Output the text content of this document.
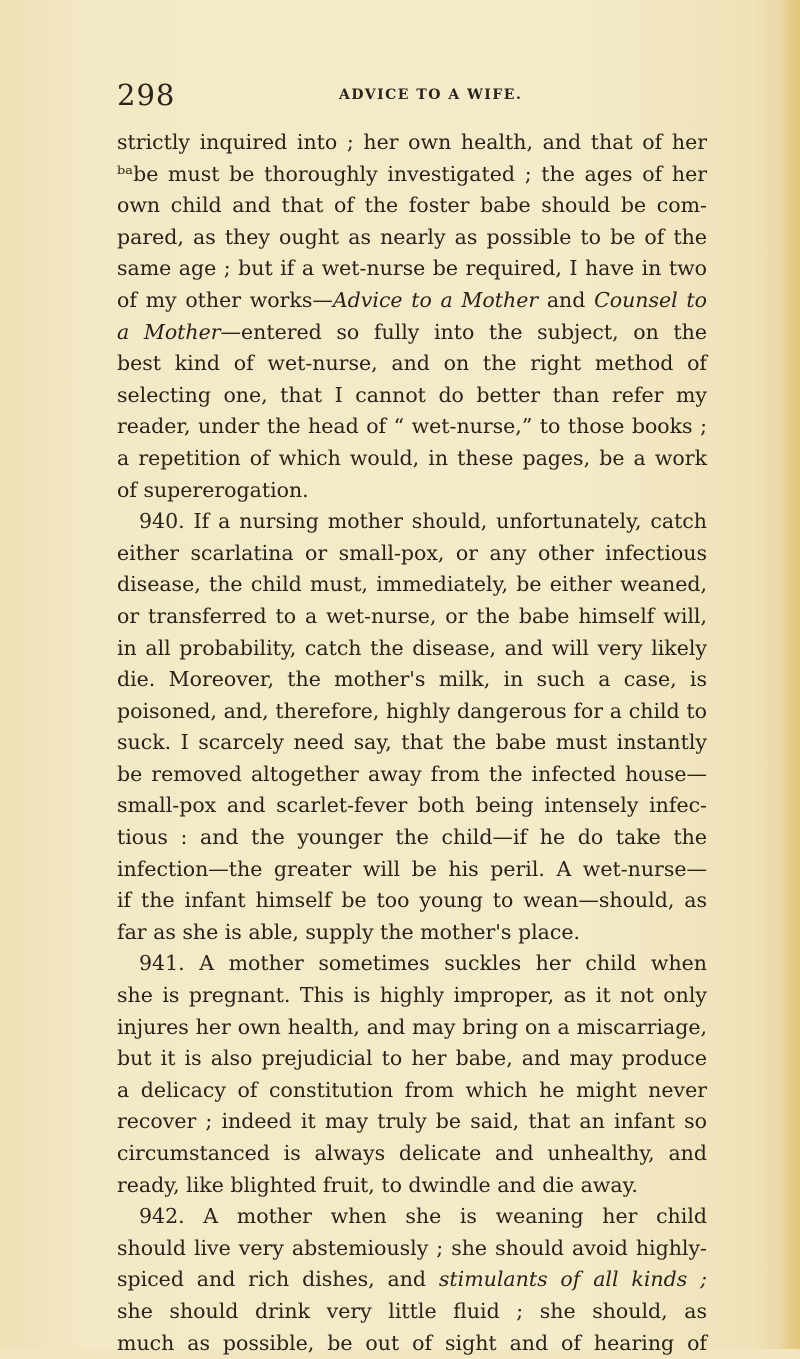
298	ADVICE TO A WIFE.
strictly inquired into ; her own health, and that of her
ᵇᵃbe must be thoroughly investigated ; the ages of her
own child and that of the foster babe should be com-
pared, as they ought as nearly as possible to be of the
same age ; but if a wet-nurse be required, I have in two
of my other works—Advice to a Mother and Counsel to
a Mother—entered so fully into the subject, on the
best kind of wet-nurse, and on the right method of
selecting one, that I cannot do better than refer my
reader, under the head of “ wet-nurse,” to those books ;
a repetition of which would, in these pages, be a work
of supererogation.
940. If a nursing mother should, unfortunately, catch
either scarlatina or small-pox, or any other infectious
disease, the child must, immediately, be either weaned,
or transferred to a wet-nurse, or the babe himself will,
in all probability, catch the disease, and will very likely
die. Moreover, the mother's milk, in such a case, is
poisoned, and, therefore, highly dangerous for a child to
suck. I scarcely need say, that the babe must instantly
be removed altogether away from the infected house—
small-pox and scarlet-fever both being intensely infec-
tious : and the younger the child—if he do take the
infection—the greater will be his peril. A wet-nurse—
if the infant himself be too young to wean—should, as
far as she is able, supply the mother's place.
941. A mother sometimes suckles her child when
she is pregnant. This is highly improper, as it not only
injures her own health, and may bring on a miscarriage,
but it is also prejudicial to her babe, and may produce
a delicacy of constitution from which he might never
recover ; indeed it may truly be said, that an infant so
circumstanced is always delicate and unhealthy, and
ready, like blighted fruit, to dwindle and die away.
942. A mother when she is weaning her child
should live very abstemiously ; she should avoid highly-
spiced and rich dishes, and stimulants of all kinds ;
she should drink very little fluid ; she should, as
much as possible, be out of sight and of hearing of
